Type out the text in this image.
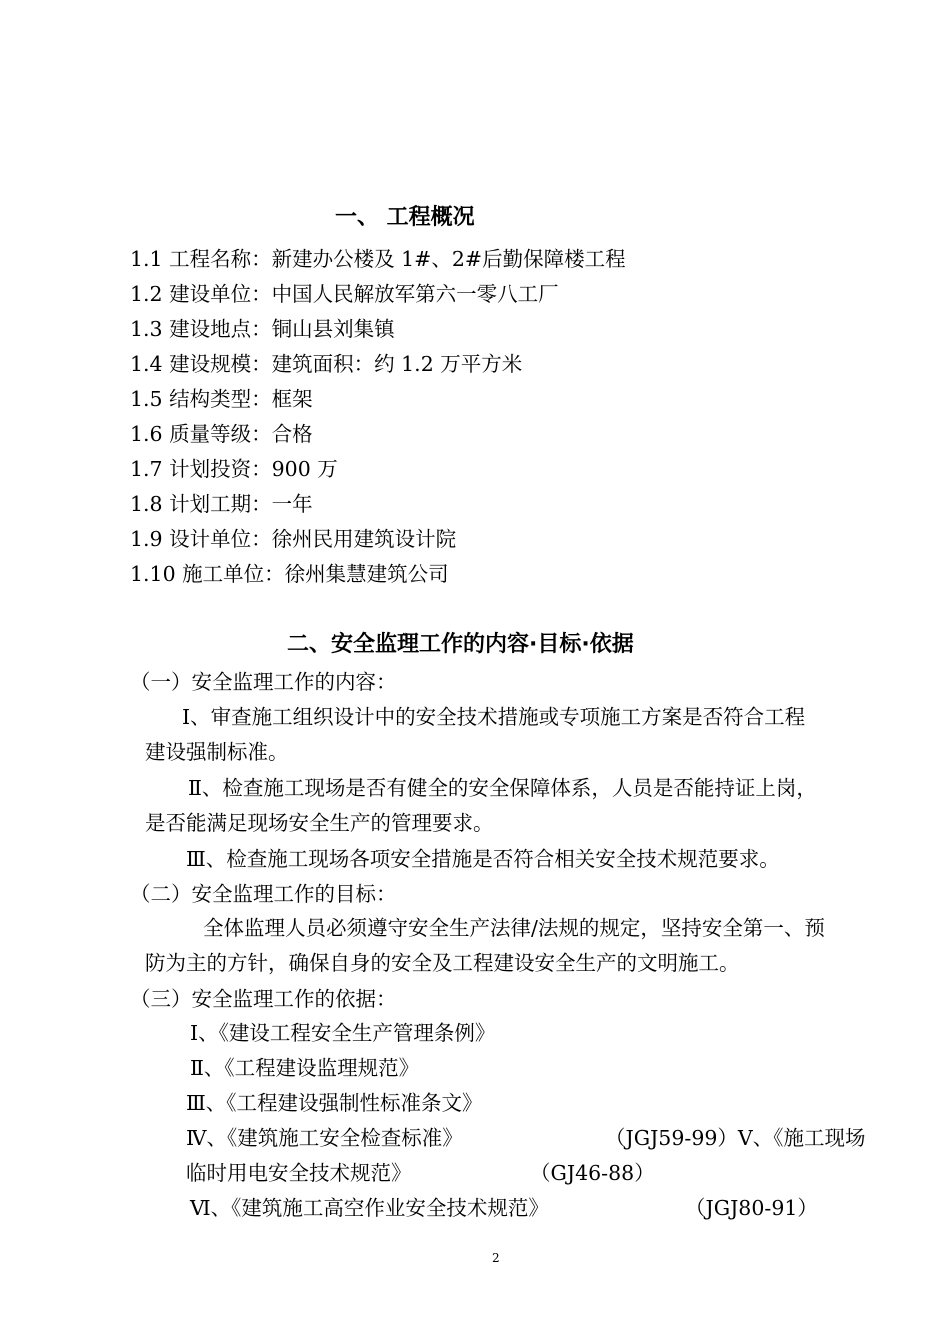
一、 工程概况
1.1 工程名称：新建办公楼及 1#、2#后勤保障楼工程
1.2 建设单位：中国人民解放军第六一零八工厂
1.3 建设地点：铜山县刘集镇
1.4 建设规模：建筑面积：约 1.2 万平方米
1.5 结构类型：框架
1.6 质量等级：合格
1.7 计划投资：900 万
1.8 计划工期：一年
1.9 设计单位：徐州民用建筑设计院
1.10 施工单位：徐州集慧建筑公司
二、安全监理工作的内容·目标·依据
（一）安全监理工作的内容：
Ⅰ、审查施工组织设计中的安全技术措施或专项施工方案是否符合工程
建设强制标准。
Ⅱ、检查施工现场是否有健全的安全保障体系，人员是否能持证上岗，
是否能满足现场安全生产的管理要求。
Ⅲ、检查施工现场各项安全措施是否符合相关安全技术规范要求。
（二）安全监理工作的目标：
全体监理人员必须遵守安全生产法律/法规的规定，坚持安全第一、预
防为主的方针，确保自身的安全及工程建设安全生产的文明施工。
（三）安全监理工作的依据：
Ⅰ、《建设工程安全生产管理条例》
Ⅱ、《工程建设监理规范》
Ⅲ、《工程建设强制性标准条文》
Ⅳ、《建筑施工安全检查标准》	（JGJ59-99）Ⅴ、《施工现场
临时用电安全技术规范》	（GJ46-88）
Ⅵ、《建筑施工高空作业安全技术规范》	（JGJ80-91）
2
